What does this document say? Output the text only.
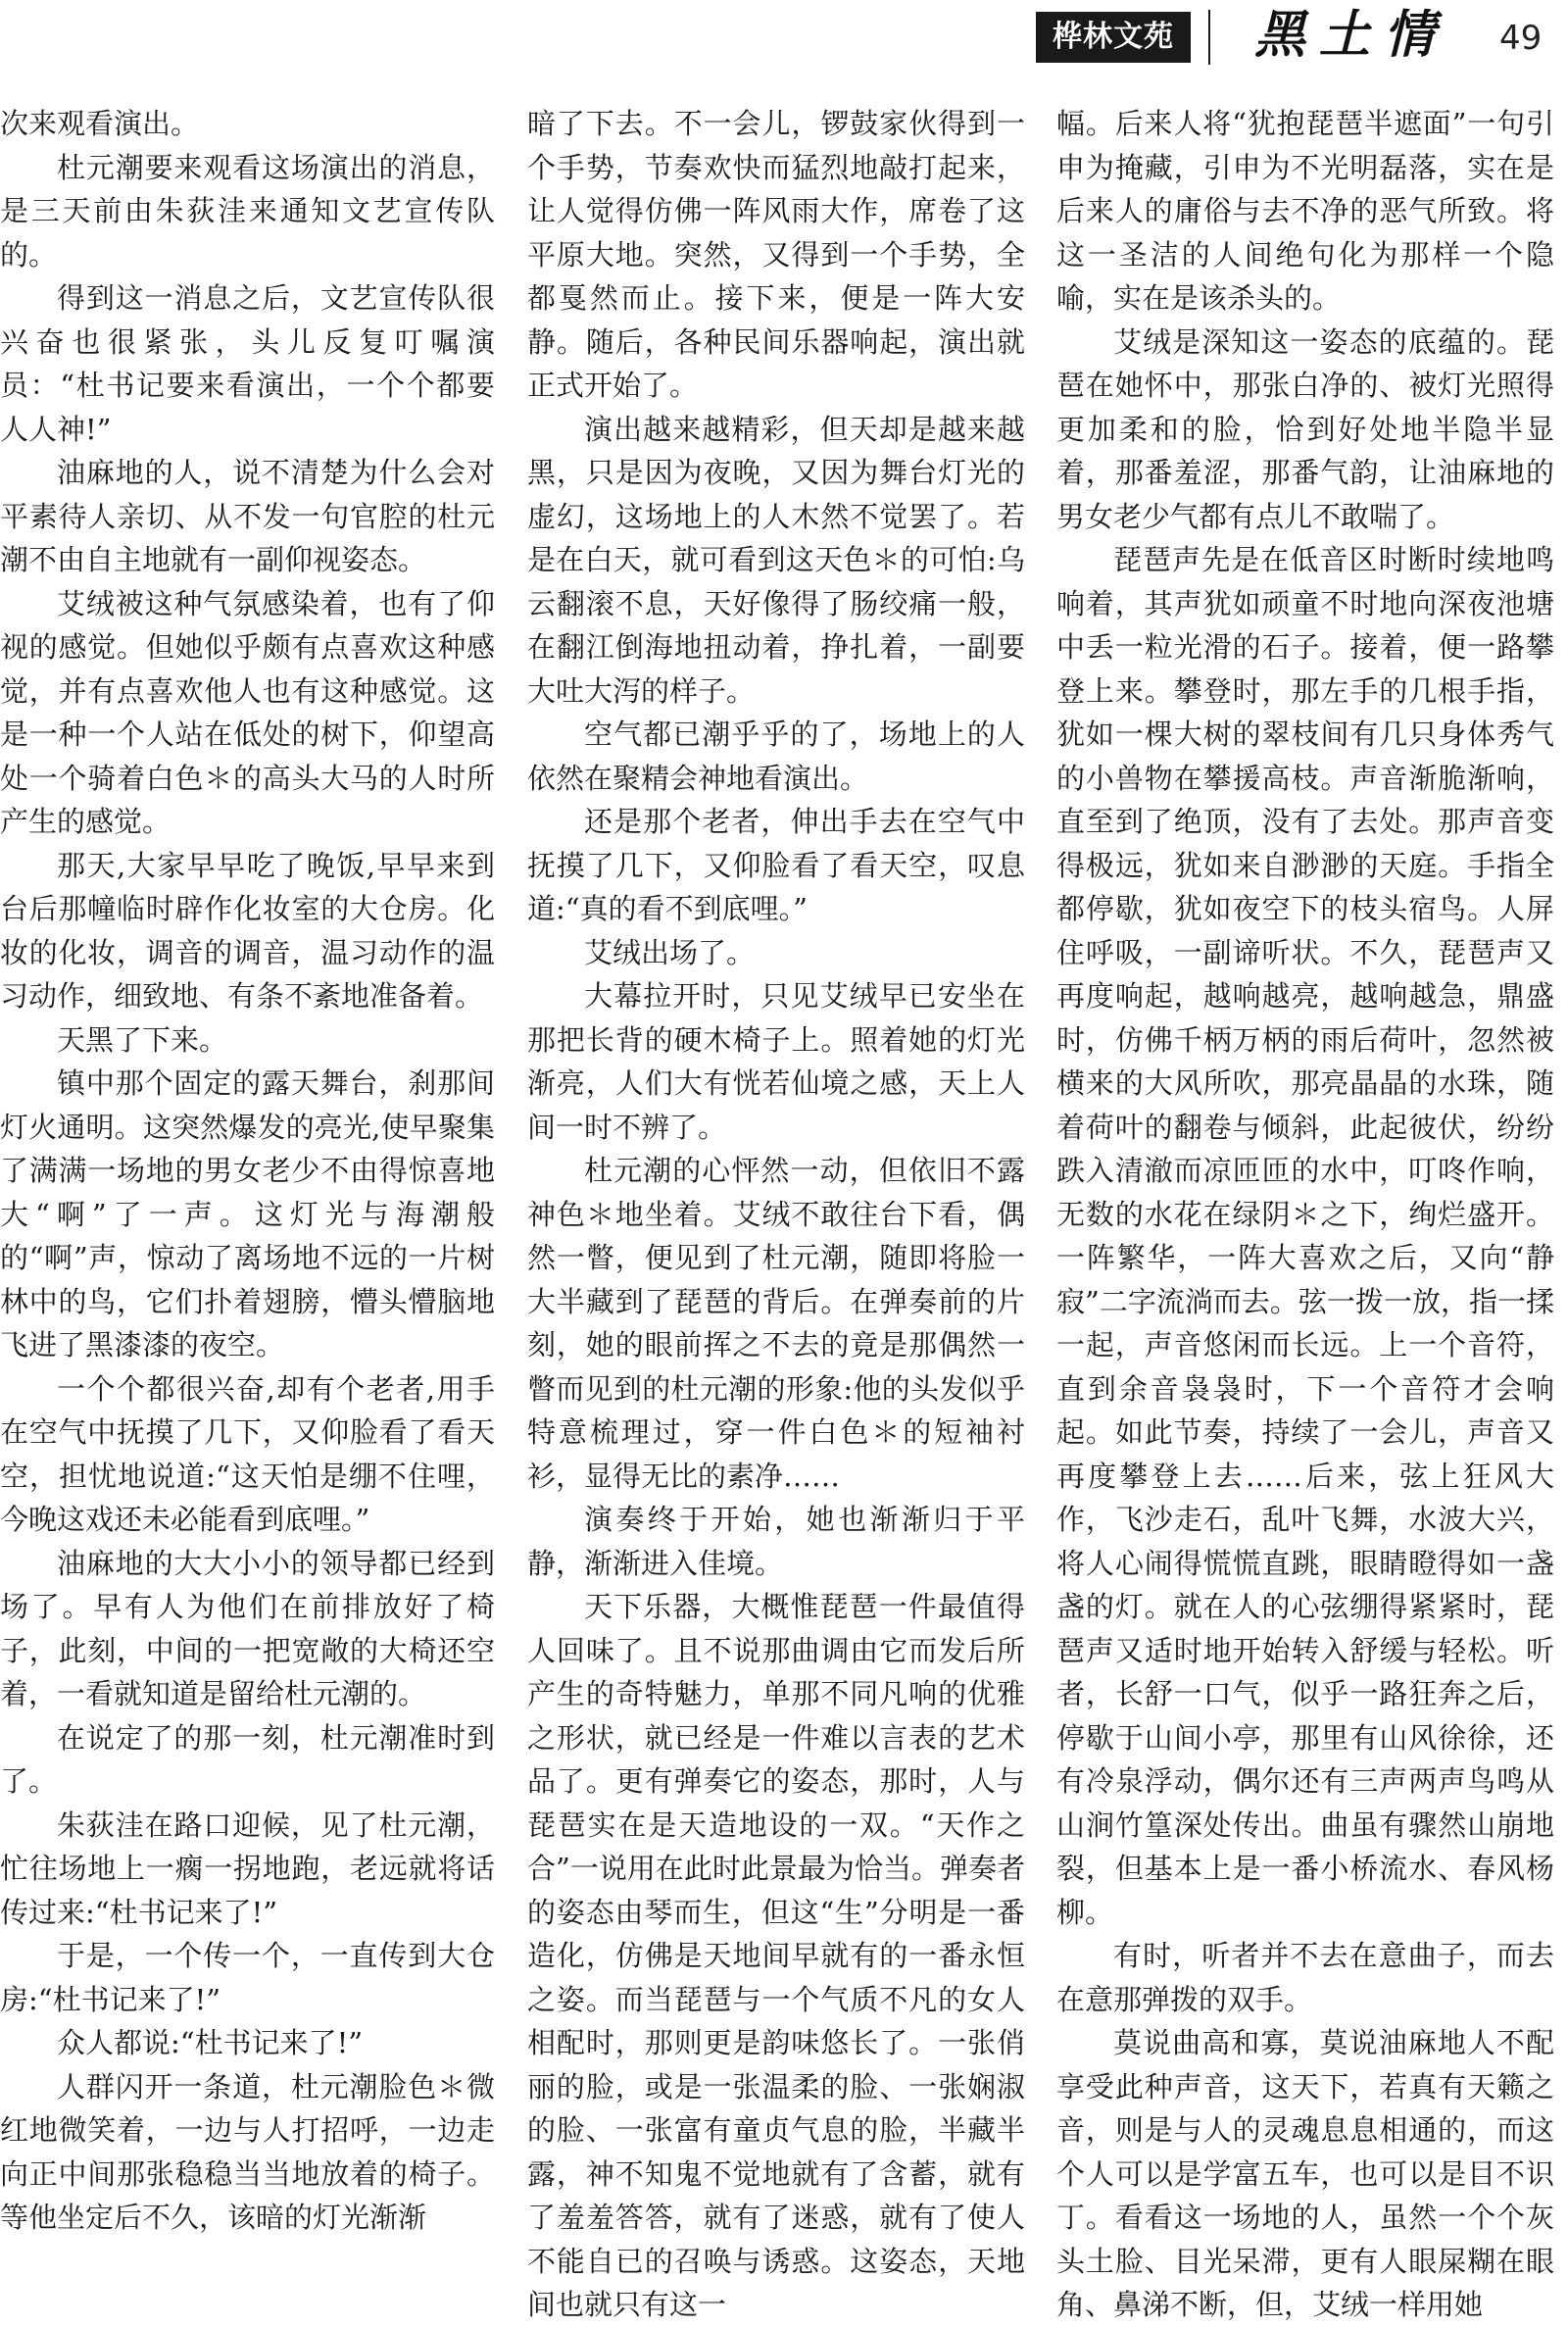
桦林文苑	黑土情 49

次来观看演出。

杜元潮要来观看这场演出的消息，是三天前由朱荻洼来通知文艺宣传队的。

得到这一消息之后，文艺宣传队很兴奋也很紧张，头儿反复叮嘱演员：“杜书记要来看演出，一个个都要人人神!”

油麻地的人，说不清楚为什么会对平素待人亲切、从不发一句官腔的杜元潮不由自主地就有一副仰视姿态。

艾绒被这种气氛感染着，也有了仰视的感觉。但她似乎颇有点喜欢这种感觉，并有点喜欢他人也有这种感觉。这是一种一个人站在低处的树下，仰望高处一个骑着白色＊的高头大马的人时所产生的感觉。

那天,大家早早吃了晚饭,早早来到台后那幢临时辟作化妆室的大仓房。化妆的化妆，调音的调音，温习动作的温习动作，细致地、有条不紊地准备着。

天黑了下来。

镇中那个固定的露天舞台，刹那间灯火通明。这突然爆发的亮光,使早聚集了满满一场地的男女老少不由得惊喜地大“啊”了一声。这灯光与海潮般的“啊”声，惊动了离场地不远的一片树林中的鸟，它们扑着翅膀，懵头懵脑地飞进了黑漆漆的夜空。

一个个都很兴奋,却有个老者,用手在空气中抚摸了几下，又仰脸看了看天空，担忧地说道:“这天怕是绷不住哩，今晚这戏还未必能看到底哩。”

油麻地的大大小小的领导都已经到场了。早有人为他们在前排放好了椅子，此刻，中间的一把宽敞的大椅还空着，一看就知道是留给杜元潮的。

在说定了的那一刻，杜元潮准时到了。

朱荻洼在路口迎候，见了杜元潮，忙往场地上一瘸一拐地跑，老远就将话传过来:“杜书记来了!”

于是，一个传一个，一直传到大仓房:“杜书记来了!”

众人都说:“杜书记来了!”

人群闪开一条道，杜元潮脸色＊微红地微笑着，一边与人打招呼，一边走向正中间那张稳稳当当地放着的椅子。等他坐定后不久，该暗的灯光渐渐

暗了下去。不一会儿，锣鼓家伙得到一个手势，节奏欢快而猛烈地敲打起来，让人觉得仿佛一阵风雨大作，席卷了这平原大地。突然，又得到一个手势，全都戛然而止。接下来，便是一阵大安静。随后，各种民间乐器响起，演出就正式开始了。

演出越来越精彩，但天却是越来越黑，只是因为夜晚，又因为舞台灯光的虚幻，这场地上的人木然不觉罢了。若是在白天，就可看到这天色＊的可怕:乌云翻滚不息，天好像得了肠绞痛一般，在翻江倒海地扭动着，挣扎着，一副要大吐大泻的样子。

空气都已潮乎乎的了，场地上的人依然在聚精会神地看演出。

还是那个老者，伸出手去在空气中抚摸了几下，又仰脸看了看天空，叹息道:“真的看不到底哩。”

艾绒出场了。

大幕拉开时，只见艾绒早已安坐在那把长背的硬木椅子上。照着她的灯光渐亮，人们大有恍若仙境之感，天上人间一时不辨了。

杜元潮的心怦然一动，但依旧不露神色＊地坐着。艾绒不敢往台下看，偶然一瞥，便见到了杜元潮，随即将脸一大半藏到了琵琶的背后。在弹奏前的片刻，她的眼前挥之不去的竟是那偶然一瞥而见到的杜元潮的形象:他的头发似乎特意梳理过，穿一件白色＊的短袖衬衫，显得无比的素净……

演奏终于开始，她也渐渐归于平静，渐渐进入佳境。

天下乐器，大概惟琵琶一件最值得人回味了。且不说那曲调由它而发后所产生的奇特魅力，单那不同凡响的优雅之形状，就已经是一件难以言表的艺术品了。更有弹奏它的姿态，那时，人与琵琶实在是天造地设的一双。“天作之合”一说用在此时此景最为恰当。弹奏者的姿态由琴而生，但这“生”分明是一番造化，仿佛是天地间早就有的一番永恒之姿。而当琵琶与一个气质不凡的女人相配时，那则更是韵味悠长了。一张俏丽的脸，或是一张温柔的脸、一张娴淑的脸、一张富有童贞气息的脸，半藏半露，神不知鬼不觉地就有了含蓄，就有了羞羞答答，就有了迷惑，就有了使人不能自已的召唤与诱惑。这姿态，天地间也就只有这一

幅。后来人将“犹抱琵琶半遮面”一句引申为掩藏，引申为不光明磊落，实在是后来人的庸俗与去不净的恶气所致。将这一圣洁的人间绝句化为那样一个隐喻，实在是该杀头的。

艾绒是深知这一姿态的底蕴的。琵琶在她怀中，那张白净的、被灯光照得更加柔和的脸，恰到好处地半隐半显着，那番羞涩，那番气韵，让油麻地的男女老少气都有点儿不敢喘了。

琵琶声先是在低音区时断时续地鸣响着，其声犹如顽童不时地向深夜池塘中丢一粒光滑的石子。接着，便一路攀登上来。攀登时，那左手的几根手指，犹如一棵大树的翠枝间有几只身体秀气的小兽物在攀援高枝。声音渐脆渐响，直至到了绝顶，没有了去处。那声音变得极远，犹如来自渺渺的天庭。手指全都停歇，犹如夜空下的枝头宿鸟。人屏住呼吸，一副谛听状。不久，琵琶声又再度响起，越响越亮，越响越急，鼎盛时，仿佛千柄万柄的雨后荷叶，忽然被横来的大风所吹，那亮晶晶的水珠，随着荷叶的翻卷与倾斜，此起彼伏，纷纷跌入清澈而凉匝匝的水中，叮咚作响，无数的水花在绿阴＊之下，绚烂盛开。一阵繁华，一阵大喜欢之后，又向“静寂”二字流淌而去。弦一拨一放，指一揉一起，声音悠闲而长远。上一个音符，直到余音袅袅时，下一个音符才会响起。如此节奏，持续了一会儿，声音又再度攀登上去……后来，弦上狂风大作，飞沙走石，乱叶飞舞，水波大兴，将人心闹得慌慌直跳，眼睛瞪得如一盏盏的灯。就在人的心弦绷得紧紧时，琵琶声又适时地开始转入舒缓与轻松。听者，长舒一口气，似乎一路狂奔之后，停歇于山间小亭，那里有山风徐徐，还有冷泉浮动，偶尔还有三声两声鸟鸣从山涧竹篁深处传出。曲虽有骤然山崩地裂，但基本上是一番小桥流水、春风杨柳。

有时，听者并不去在意曲子，而去在意那弹拨的双手。

莫说曲高和寡，莫说油麻地人不配享受此种声音，这天下，若真有天籁之音，则是与人的灵魂息息相通的，而这个人可以是学富五车，也可以是目不识丁。看看这一场地的人，虽然一个个灰头土脸、目光呆滞，更有人眼屎糊在眼角、鼻涕不断，但，艾绒一样用她
